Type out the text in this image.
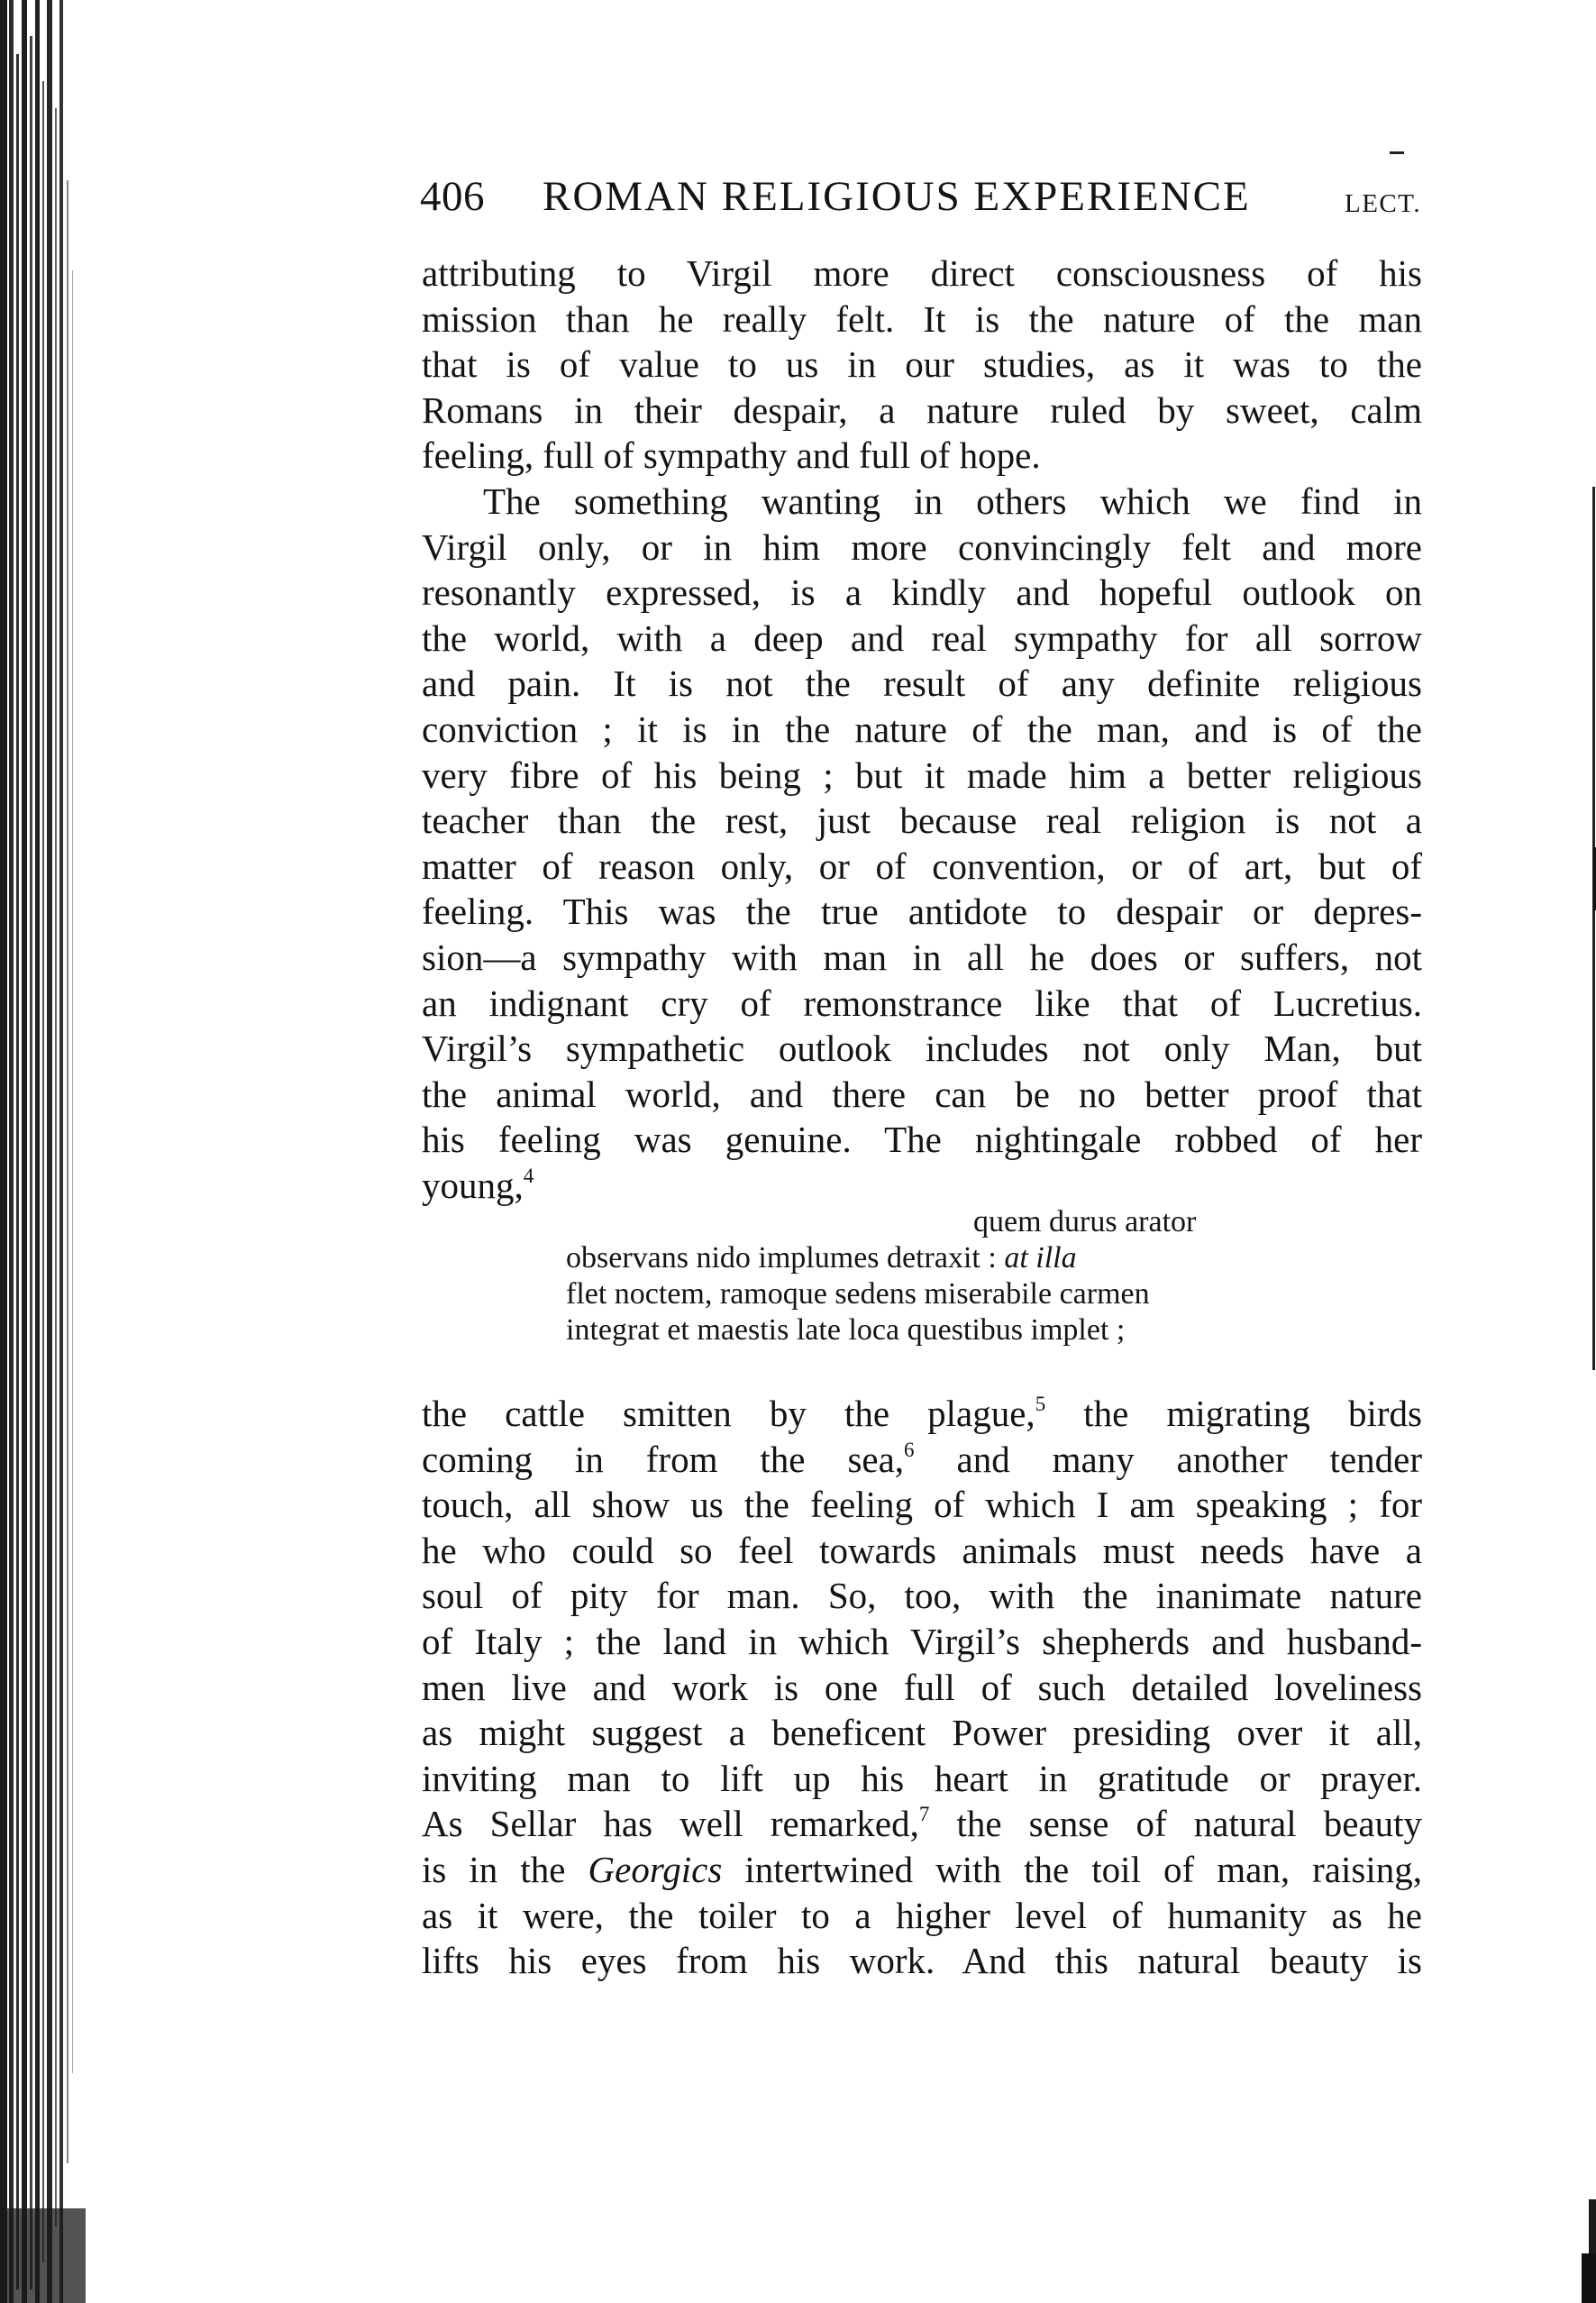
406 ROMAN RELIGIOUS EXPERIENCE	LECT.
attributing to Virgil more direct consciousness of his
mission than he really felt. It is the nature of the man
that is of value to us in our studies, as it was to the
Romans in their despair, a nature ruled by sweet, calm
feeling, full of sympathy and full of hope.
The something wanting in others which we find in
Virgil only, or in him more convincingly felt and more
resonantly expressed, is a kindly and hopeful outlook on
the world, with a deep and real sympathy for all sorrow
and pain. It is not the result of any definite religious
conviction ; it is in the nature of the man, and is of the
very fibre of his being ; but it made him a better religious
teacher than the rest, just because real religion is not a
matter of reason only, or of convention, or of art, but of
feeling. This was the true antidote to despair or depres-
sion—a sympathy with man in all he does or suffers, not
an indignant cry of remonstrance like that of Lucretius.
Virgil’s sympathetic outlook includes not only Man, but
the animal world, and there can be no better proof that
his feeling was genuine. The nightingale robbed of her
young,$^4$
quem durus arator
observans nido implumes detraxit : at illa
flet noctem, ramoque sedens miserabile carmen
integrat et maestis late loca questibus implet ;
the cattle smitten by the plague,$^5$ the migrating birds
coming in from the sea,$^6$ and many another tender
touch, all show us the feeling of which I am speaking ; for
he who could so feel towards animals must needs have a
soul of pity for man. So, too, with the inanimate nature
of Italy ; the land in which Virgil’s shepherds and husband-
men live and work is one full of such detailed loveliness
as might suggest a beneficent Power presiding over it all,
inviting man to lift up his heart in gratitude or prayer.
As Sellar has well remarked,$^7$ the sense of natural beauty
is in the Georgics intertwined with the toil of man, raising,
as it were, the toiler to a higher level of humanity as he
lifts his eyes from his work. And this natural beauty is
